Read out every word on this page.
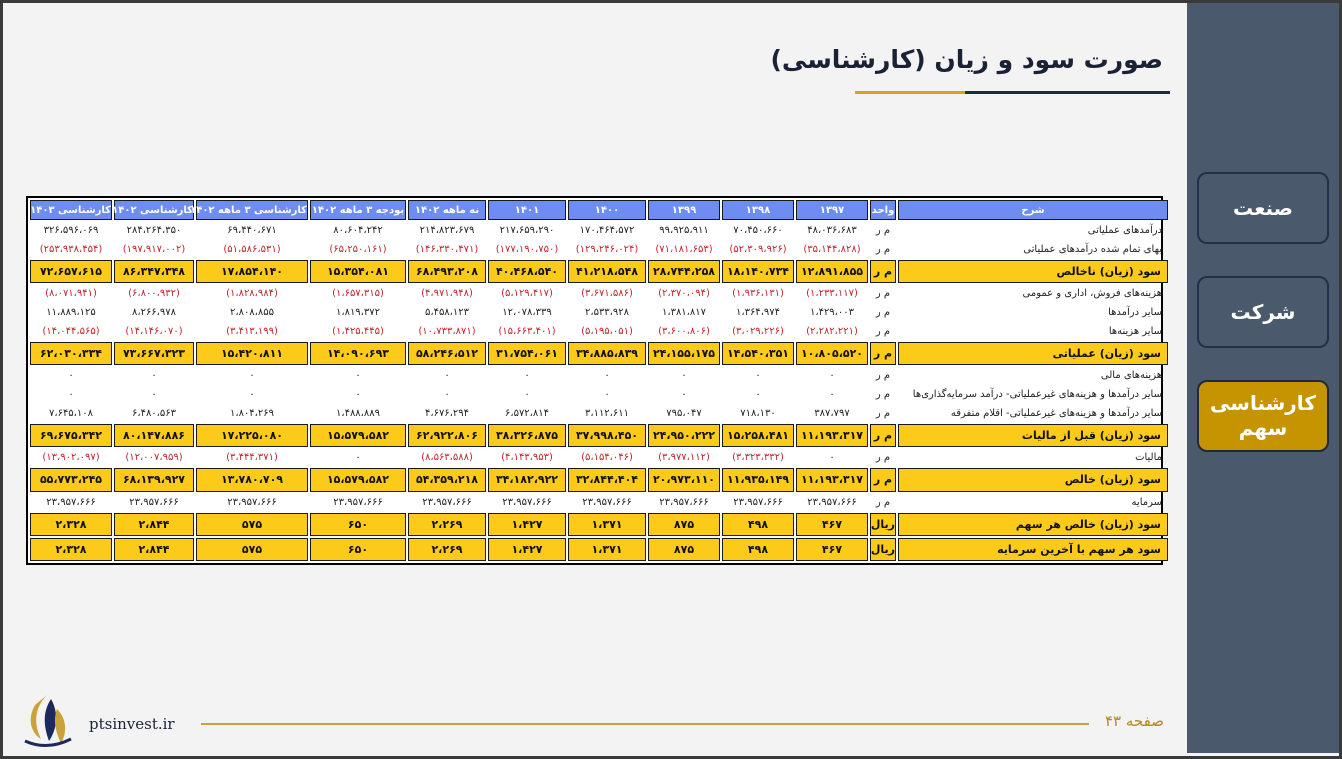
صورت سود و زیان (کارشناسی)
شرح	واحد	۱۳۹۷	۱۳۹۸	۱۳۹۹	۱۴۰۰	۱۴۰۱	نه ماهه ۱۴۰۲	بودجه ۳ ماهه ۱۴۰۲	کارشناسی ۳ ماهه ۱۴۰۲	کارشناسی ۱۴۰۲	کارشناسی ۱۴۰۳
درآمدهای عملیاتی	م ر	۴۸،۰۳۶،۶۸۳	۷۰،۴۵۰،۶۶۰	۹۹،۹۲۵،۹۱۱	۱۷۰،۴۶۴،۵۷۲	۲۱۷،۶۵۹،۲۹۰	۲۱۴،۸۲۳،۶۷۹	۸۰،۶۰۴،۲۴۲	۶۹،۴۴۰،۶۷۱	۲۸۴،۲۶۴،۳۵۰	۳۲۶،۵۹۶،۰۶۹
بهای تمام شده درآمدهای عملیاتی	م ر	(۳۵،۱۴۴،۸۲۸)	(۵۲،۳۰۹،۹۲۶)	(۷۱،۱۸۱،۶۵۳)	(۱۲۹،۲۴۶،۰۲۴)	(۱۷۷،۱۹۰،۷۵۰)	(۱۴۶،۳۳۰،۴۷۱)	(۶۵،۲۵۰،۱۶۱)	(۵۱،۵۸۶،۵۳۱)	(۱۹۷،۹۱۷،۰۰۲)	(۲۵۳،۹۳۸،۴۵۴)
سود (زیان) ناخالص	م ر	۱۲،۸۹۱،۸۵۵	۱۸،۱۴۰،۷۳۴	۲۸،۷۴۴،۲۵۸	۴۱،۲۱۸،۵۴۸	۴۰،۴۶۸،۵۴۰	۶۸،۴۹۳،۲۰۸	۱۵،۳۵۴،۰۸۱	۱۷،۸۵۴،۱۴۰	۸۶،۳۴۷،۳۴۸	۷۲،۶۵۷،۶۱۵
هزینه‌های فروش، اداری و عمومی	م ر	(۱،۲۳۳،۱۱۷)	(۱،۹۳۶،۱۳۱)	(۲،۳۷۰،۰۹۴)	(۳،۶۷۱،۵۸۶)	(۵،۱۲۹،۴۱۷)	(۴،۹۷۱،۹۴۸)	(۱،۶۵۷،۳۱۵)	(۱،۸۲۸،۹۸۴)	(۶،۸۰۰،۹۳۲)	(۸،۰۷۱،۹۴۱)
سایر درآمدها	م ر	۱،۴۲۹،۰۰۳	۱،۳۶۴،۹۷۴	۱،۳۸۱،۸۱۷	۲،۵۳۳،۹۲۸	۱۲،۰۷۸،۳۳۹	۵،۴۵۸،۱۲۳	۱،۸۱۹،۳۷۲	۲،۸۰۸،۸۵۵	۸،۲۶۶،۹۷۸	۱۱،۸۸۹،۱۲۵
سایر هزینه‌ها	م ر	(۲،۲۸۲،۲۲۱)	(۳،۰۲۹،۲۲۶)	(۳،۶۰۰،۸۰۶)	(۵،۱۹۵،۰۵۱)	(۱۵،۶۶۳،۴۰۱)	(۱۰،۷۳۳،۸۷۱)	(۱،۴۲۵،۴۴۵)	(۳،۴۱۳،۱۹۹)	(۱۴،۱۴۶،۰۷۰)	(۱۴،۰۴۴،۵۶۵)
سود (زیان) عملیاتی	م ر	۱۰،۸۰۵،۵۲۰	۱۴،۵۴۰،۳۵۱	۲۴،۱۵۵،۱۷۵	۳۴،۸۸۵،۸۳۹	۳۱،۷۵۴،۰۶۱	۵۸،۲۴۶،۵۱۲	۱۴،۰۹۰،۶۹۳	۱۵،۴۲۰،۸۱۱	۷۳،۶۶۷،۳۲۳	۶۲،۰۳۰،۳۳۴
هزینه‌های مالی	م ر	۰	۰	۰	۰	۰	۰	۰	۰	۰	۰
سایر درآمدها و هزینه‌های غیرعملیاتی- درآمد سرمایه‌گذاری‌ها	م ر	۰	۰	۰	۰	۰	۰	۰	۰	۰	۰
سایر درآمدها و هزینه‌های غیرعملیاتی- اقلام متفرقه	م ر	۳۸۷،۷۹۷	۷۱۸،۱۳۰	۷۹۵،۰۴۷	۳،۱۱۲،۶۱۱	۶،۵۷۲،۸۱۴	۴،۶۷۶،۲۹۴	۱،۴۸۸،۸۸۹	۱،۸۰۴،۲۶۹	۶،۴۸۰،۵۶۳	۷،۶۴۵،۱۰۸
سود (زیان) قبل از مالیات	م ر	۱۱،۱۹۳،۳۱۷	۱۵،۲۵۸،۴۸۱	۲۴،۹۵۰،۲۲۲	۳۷،۹۹۸،۴۵۰	۳۸،۳۲۶،۸۷۵	۶۲،۹۲۲،۸۰۶	۱۵،۵۷۹،۵۸۲	۱۷،۲۲۵،۰۸۰	۸۰،۱۴۷،۸۸۶	۶۹،۶۷۵،۳۴۲
مالیات	م ر	۰	(۳،۳۲۳،۳۳۲)	(۳،۹۷۷،۱۱۲)	(۵،۱۵۴،۰۴۶)	(۴،۱۴۳،۹۵۳)	(۸،۵۶۳،۵۸۸)	۰	(۳،۴۴۴،۳۷۱)	(۱۲،۰۰۷،۹۵۹)	(۱۳،۹۰۲،۰۹۷)
سود (زیان) خالص	م ر	۱۱،۱۹۳،۳۱۷	۱۱،۹۳۵،۱۴۹	۲۰،۹۷۳،۱۱۰	۳۲،۸۴۴،۴۰۴	۳۴،۱۸۲،۹۲۲	۵۴،۳۵۹،۲۱۸	۱۵،۵۷۹،۵۸۲	۱۳،۷۸۰،۷۰۹	۶۸،۱۳۹،۹۲۷	۵۵،۷۷۳،۲۴۵
سرمایه	م ر	۲۳،۹۵۷،۶۶۶	۲۳،۹۵۷،۶۶۶	۲۳،۹۵۷،۶۶۶	۲۳،۹۵۷،۶۶۶	۲۳،۹۵۷،۶۶۶	۲۳،۹۵۷،۶۶۶	۲۳،۹۵۷،۶۶۶	۲۳،۹۵۷،۶۶۶	۲۳،۹۵۷،۶۶۶	۲۳،۹۵۷،۶۶۶
سود (زیان) خالص هر سهم	ریال	۴۶۷	۴۹۸	۸۷۵	۱،۳۷۱	۱،۴۲۷	۲،۲۶۹	۶۵۰	۵۷۵	۲،۸۴۴	۲،۳۲۸
سود هر سهم با آخرین سرمایه	ریال	۴۶۷	۴۹۸	۸۷۵	۱،۳۷۱	۱،۴۲۷	۲،۲۶۹	۶۵۰	۵۷۵	۲،۸۴۴	۲،۳۲۸
ptsinvest.ir	صفحه ۴۳
صنعت
شرکت
کارشناسی سهم
